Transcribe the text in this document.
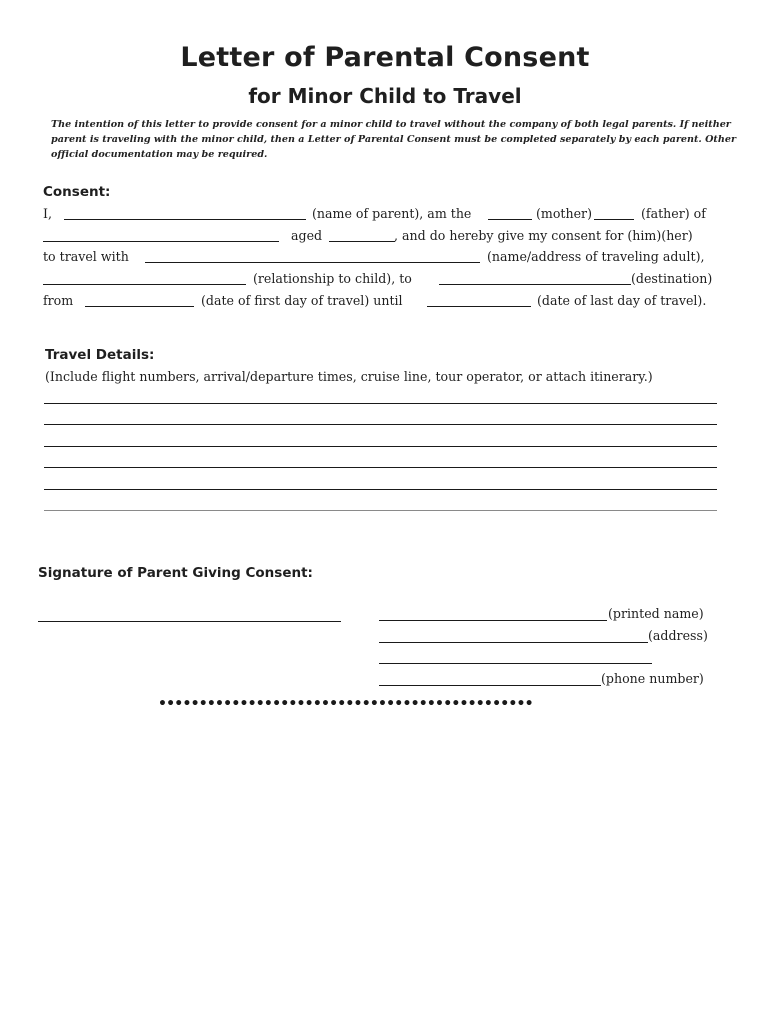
Letter of Parental Consent
for Minor Child to Travel
The intention of this letter to provide consent for a minor child to travel without the company of both legal parents. If neither parent is traveling with the minor child, then a Letter of Parental Consent must be completed separately by each parent. Other official documentation may be required.
Consent:
I,	(name of parent), am the	(mother)	(father) of
aged	, and do hereby give my consent for (him)(her)
to travel with	(name/address of traveling adult),
(relationship to child), to	(destination)
from	(date of first day of travel) until	(date of last day of travel).
Travel Details:
(Include flight numbers, arrival/departure times, cruise line, tour operator, or attach itinerary.)
Signature of Parent Giving Consent:
(printed name)
(address)
(phone number)
••••••••••••••••••••••••••••••••••••••••••••••
